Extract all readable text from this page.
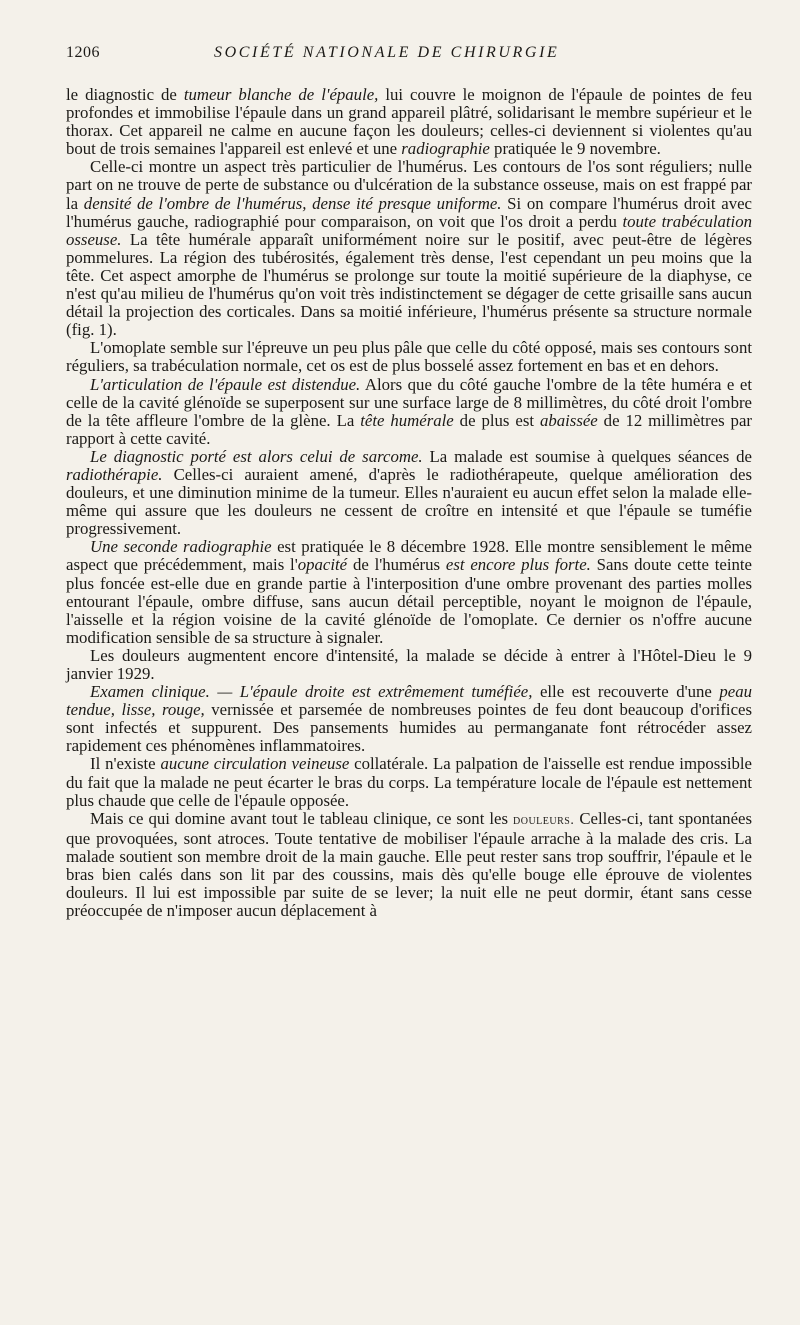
1206	SOCIÉTÉ NATIONALE DE CHIRURGIE

le diagnostic de tumeur blanche de l'épaule, lui couvre le moignon de l'épaule de pointes de feu profondes et immobilise l'épaule dans un grand appareil plâtré, solidarisant le membre supérieur et le thorax. Cet appareil ne calme en aucune façon les douleurs; celles-ci deviennent si violentes qu'au bout de trois semaines l'appareil est enlevé et une radiographie pratiquée le 9 novembre.

Celle-ci montre un aspect très particulier de l'humérus. Les contours de l'os sont réguliers; nulle part on ne trouve de perte de substance ou d'ulcération de la substance osseuse, mais on est frappé par la densité de l'ombre de l'humérus, dense ité presque uniforme. Si on compare l'humérus droit avec l'humérus gauche, radiographié pour comparaison, on voit que l'os droit a perdu toute trabéculation osseuse. La tête humérale apparaît uniformément noire sur le positif, avec peut-être de légères pommelures. La région des tubérosités, également très dense, l'est cependant un peu moins que la tête. Cet aspect amorphe de l'humérus se prolonge sur toute la moitié supérieure de la diaphyse, ce n'est qu'au milieu de l'humérus qu'on voit très indistinctement se dégager de cette grisaille sans aucun détail la projection des corticales. Dans sa moitié inférieure, l'humérus présente sa structure normale (fig. 1).

L'omoplate semble sur l'épreuve un peu plus pâle que celle du côté opposé, mais ses contours sont réguliers, sa trabéculation normale, cet os est de plus bosselé assez fortement en bas et en dehors.

L'articulation de l'épaule est distendue. Alors que du côté gauche l'ombre de la tête huméra e et celle de la cavité glénoïde se superposent sur une surface large de 8 millimètres, du côté droit l'ombre de la tête affleure l'ombre de la glène. La tête humérale de plus est abaissée de 12 millimètres par rapport à cette cavité.

Le diagnostic porté est alors celui de sarcome. La malade est soumise à quelques séances de radiothérapie. Celles-ci auraient amené, d'après le radiothérapeute, quelque amélioration des douleurs, et une diminution minime de la tumeur. Elles n'auraient eu aucun effet selon la malade elle-même qui assure que les douleurs ne cessent de croître en intensité et que l'épaule se tuméfie progressivement.

Une seconde radiographie est pratiquée le 8 décembre 1928. Elle montre sensiblement le même aspect que précédemment, mais l'opacité de l'humérus est encore plus forte. Sans doute cette teinte plus foncée est-elle due en grande partie à l'interposition d'une ombre provenant des parties molles entourant l'épaule, ombre diffuse, sans aucun détail perceptible, noyant le moignon de l'épaule, l'aisselle et la région voisine de la cavité glénoïde de l'omoplate. Ce dernier os n'offre aucune modification sensible de sa structure à signaler.

Les douleurs augmentent encore d'intensité, la malade se décide à entrer à l'Hôtel-Dieu le 9 janvier 1929.

Examen clinique. — L'épaule droite est extrêmement tuméfiée, elle est recouverte d'une peau tendue, lisse, rouge, vernissée et parsemée de nombreuses pointes de feu dont beaucoup d'orifices sont infectés et suppurent. Des pansements humides au permanganate font rétrocéder assez rapidement ces phénomènes inflammatoires.

Il n'existe aucune circulation veineuse collatérale. La palpation de l'aisselle est rendue impossible du fait que la malade ne peut écarter le bras du corps. La température locale de l'épaule est nettement plus chaude que celle de l'épaule opposée.

Mais ce qui domine avant tout le tableau clinique, ce sont les douleurs. Celles-ci, tant spontanées que provoquées, sont atroces. Toute tentative de mobiliser l'épaule arrache à la malade des cris. La malade soutient son membre droit de la main gauche. Elle peut rester sans trop souffrir, l'épaule et le bras bien calés dans son lit par des coussins, mais dès qu'elle bouge elle éprouve de violentes douleurs. Il lui est impossible par suite de se lever; la nuit elle ne peut dormir, étant sans cesse préoccupée de n'imposer aucun déplacement à
